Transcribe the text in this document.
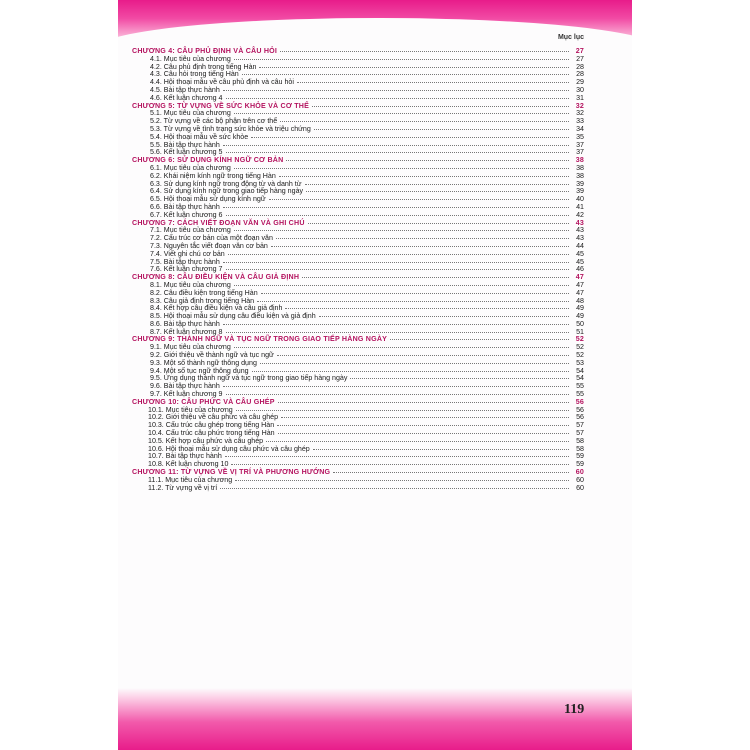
Mục lục
CHƯƠNG 4: CÂU PHỦ ĐỊNH VÀ CÂU HỎI	27
4.1. Mục tiêu của chương	27
4.2. Câu phủ định trong tiếng Hàn	28
4.3. Câu hỏi trong tiếng Hàn	28
4.4. Hội thoại mẫu về câu phủ định và câu hỏi	29
4.5. Bài tập thực hành	30
4.6. Kết luận chương 4	31
CHƯƠNG 5: TỪ VỰNG VỀ SỨC KHỎE VÀ CƠ THỂ	32
5.1. Mục tiêu của chương	32
5.2. Từ vựng về các bộ phận trên cơ thể	33
5.3. Từ vựng về tình trạng sức khỏe và triệu chứng	34
5.4. Hội thoại mẫu về sức khỏe	35
5.5. Bài tập thực hành	37
5.6. Kết luận chương 5	37
CHƯƠNG 6: SỬ DỤNG KÍNH NGỮ CƠ BẢN	38
6.1. Mục tiêu của chương	38
6.2. Khái niệm kính ngữ trong tiếng Hàn	38
6.3. Sử dụng kính ngữ trong động từ và danh từ	39
6.4. Sử dụng kính ngữ trong giao tiếp hàng ngày	39
6.5. Hội thoại mẫu sử dụng kính ngữ	40
6.6. Bài tập thực hành	41
6.7. Kết luận chương 6	42
CHƯƠNG 7: CÁCH VIẾT ĐOẠN VĂN VÀ GHI CHÚ	43
7.1. Mục tiêu của chương	43
7.2. Cấu trúc cơ bản của một đoạn văn	43
7.3. Nguyên tắc viết đoạn văn cơ bản	44
7.4. Viết ghi chú cơ bản	45
7.5. Bài tập thực hành	45
7.6. Kết luận chương 7	46
CHƯƠNG 8: CÂU ĐIỀU KIỆN VÀ CÂU GIẢ ĐỊNH	47
8.1. Mục tiêu của chương	47
8.2. Câu điều kiện trong tiếng Hàn	47
8.3. Câu giả định trong tiếng Hàn	48
8.4. Kết hợp câu điều kiện và câu giả định	49
8.5. Hội thoại mẫu sử dụng câu điều kiện và giả định	49
8.6. Bài tập thực hành	50
8.7. Kết luận chương 8	51
CHƯƠNG 9: THÀNH NGỮ VÀ TỤC NGỮ TRONG GIAO TIẾP HÀNG NGÀY	52
9.1. Mục tiêu của chương	52
9.2. Giới thiệu về thành ngữ và tục ngữ	52
9.3. Một số thành ngữ thông dụng	53
9.4. Một số tục ngữ thông dụng	54
9.5. Ứng dụng thành ngữ và tục ngữ trong giao tiếp hàng ngày	54
9.6. Bài tập thực hành	55
9.7. Kết luận chương 9	55
CHƯƠNG 10: CÂU PHỨC VÀ CÂU GHÉP	56
10.1. Mục tiêu của chương	56
10.2. Giới thiệu về câu phức và câu ghép	56
10.3. Cấu trúc câu ghép trong tiếng Hàn	57
10.4. Cấu trúc câu phức trong tiếng Hàn	57
10.5. Kết hợp câu phức và câu ghép	58
10.6. Hội thoại mẫu sử dụng câu phức và câu ghép	58
10.7. Bài tập thực hành	59
10.8. Kết luận chương 10	59
CHƯƠNG 11: TỪ VỰNG VỀ VỊ TRÍ VÀ PHƯƠNG HƯỚNG	60
11.1. Mục tiêu của chương	60
11.2. Từ vựng về vị trí	60
119
